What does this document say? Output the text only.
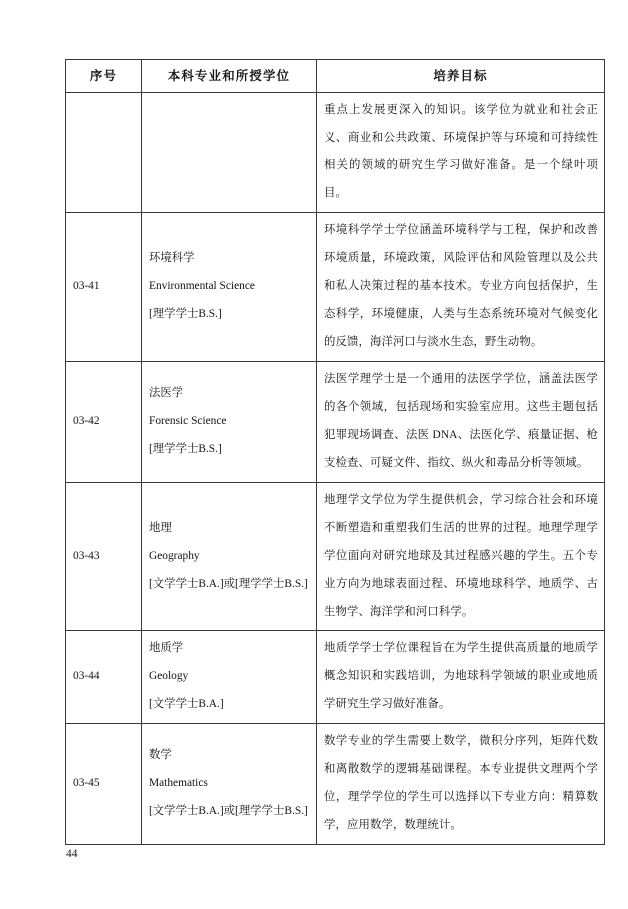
序号	本科专业和所授学位	培养目标

		重点上发展更深入的知识。该学位为就业和社会正义、商业和公共政策、环境保护等与环境和可持续性相关的领域的研究生学习做好准备。是一个绿叶项目。

03-41	环境科学
Environmental Science
[理学学士B.S.]	环境科学学士学位涵盖环境科学与工程，保护和改善环境质量，环境政策，风险评估和风险管理以及公共和私人决策过程的基本技术。专业方向包括保护，生态科学，环境健康，人类与生态系统环境对气候变化的反馈，海洋河口与淡水生态，野生动物。

03-42	法医学
Forensic Science
[理学学士B.S.]	法医学理学士是一个通用的法医学学位，涵盖法医学的各个领域，包括现场和实验室应用。这些主题包括犯罪现场调查、法医 DNA、法医化学、痕量证据、枪支检查、可疑文件、指纹、纵火和毒品分析等领域。

03-43	地理
Geography
[文学学士B.A.]或[理学学士B.S.]	地理学文学位为学生提供机会，学习综合社会和环境不断塑造和重塑我们生活的世界的过程。地理学理学学位面向对研究地球及其过程感兴趣的学生。五个专业方向为地球表面过程、环境地球科学、地质学、古生物学、海洋学和河口科学。

03-44	地质学
Geology
[文学学士B.A.]	地质学学士学位课程旨在为学生提供高质量的地质学概念知识和实践培训，为地球科学领域的职业或地质学研究生学习做好准备。

03-45	数学
Mathematics
[文学学士B.A.]或[理学学士B.S.]	数学专业的学生需要上数学，微积分序列，矩阵代数和离散数学的逻辑基础课程。本专业提供文理两个学位，理学学位的学生可以选择以下专业方向：精算数学，应用数学，数理统计。
44
